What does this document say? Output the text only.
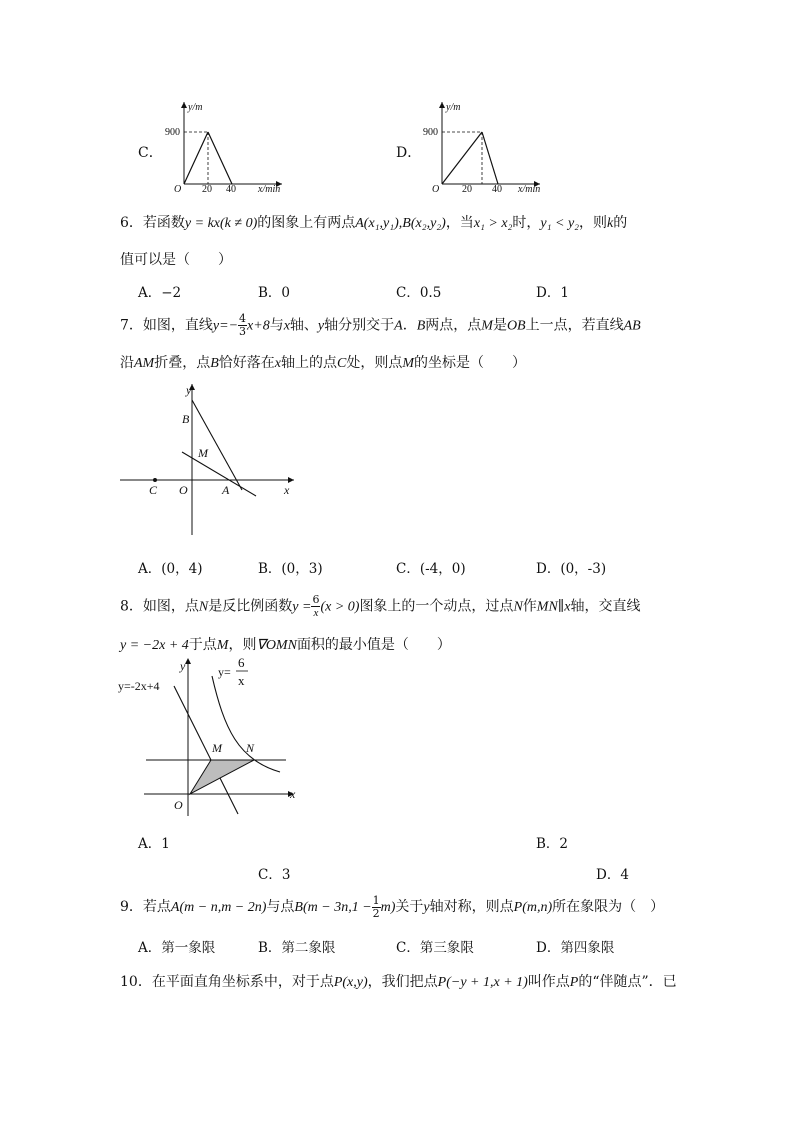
C．
y/m
900
O 20 40 x/min
D．
y/m
900
O 20 40 x/min
6．若函数y = kx(k ≠ 0)的图象上有两点A(x₁,y₁),B(x₂,y₂)，当x₁ > x₂时，y₁ < y₂，则k的
值可以是（　　）
A．−2	B．0	C．0.5	D．1
7．如图，直线$y=- \frac{4}{3} x+8$与x轴、y轴分别交于A．B两点，点M是OB上一点，若直线AB
沿AM折叠，点B恰好落在x轴上的点C处，则点M的坐标是（　　）
y
B
M
C O	A	x
A．(0，4)	B．(0，3)	C．(-4，0)	D．(0，-3)
8．如图，点N是反比例函数$y = \frac{6}{x} (x > 0)$图象上的一个动点，过点N作MN∥x轴，交直线
y = −2x + 4于点M，则∇OMN面积的最小值是（　　）
y=-2x+4
y=
6
x
y
M N
O
x
A．1	B．2
C．3	D．4
9．若点A(m − n,m − 2n)与点$B(m - 3n,1 - \frac{1}{2} m)$关于y轴对称，则点P(m,n)所在象限为（　）
A．第一象限	B．第二象限	C．第三象限	D．第四象限
10．在平面直角坐标系中，对于点P(x,y)，我们把点P(−y + 1,x + 1)叫作点P的“伴随点”．已
